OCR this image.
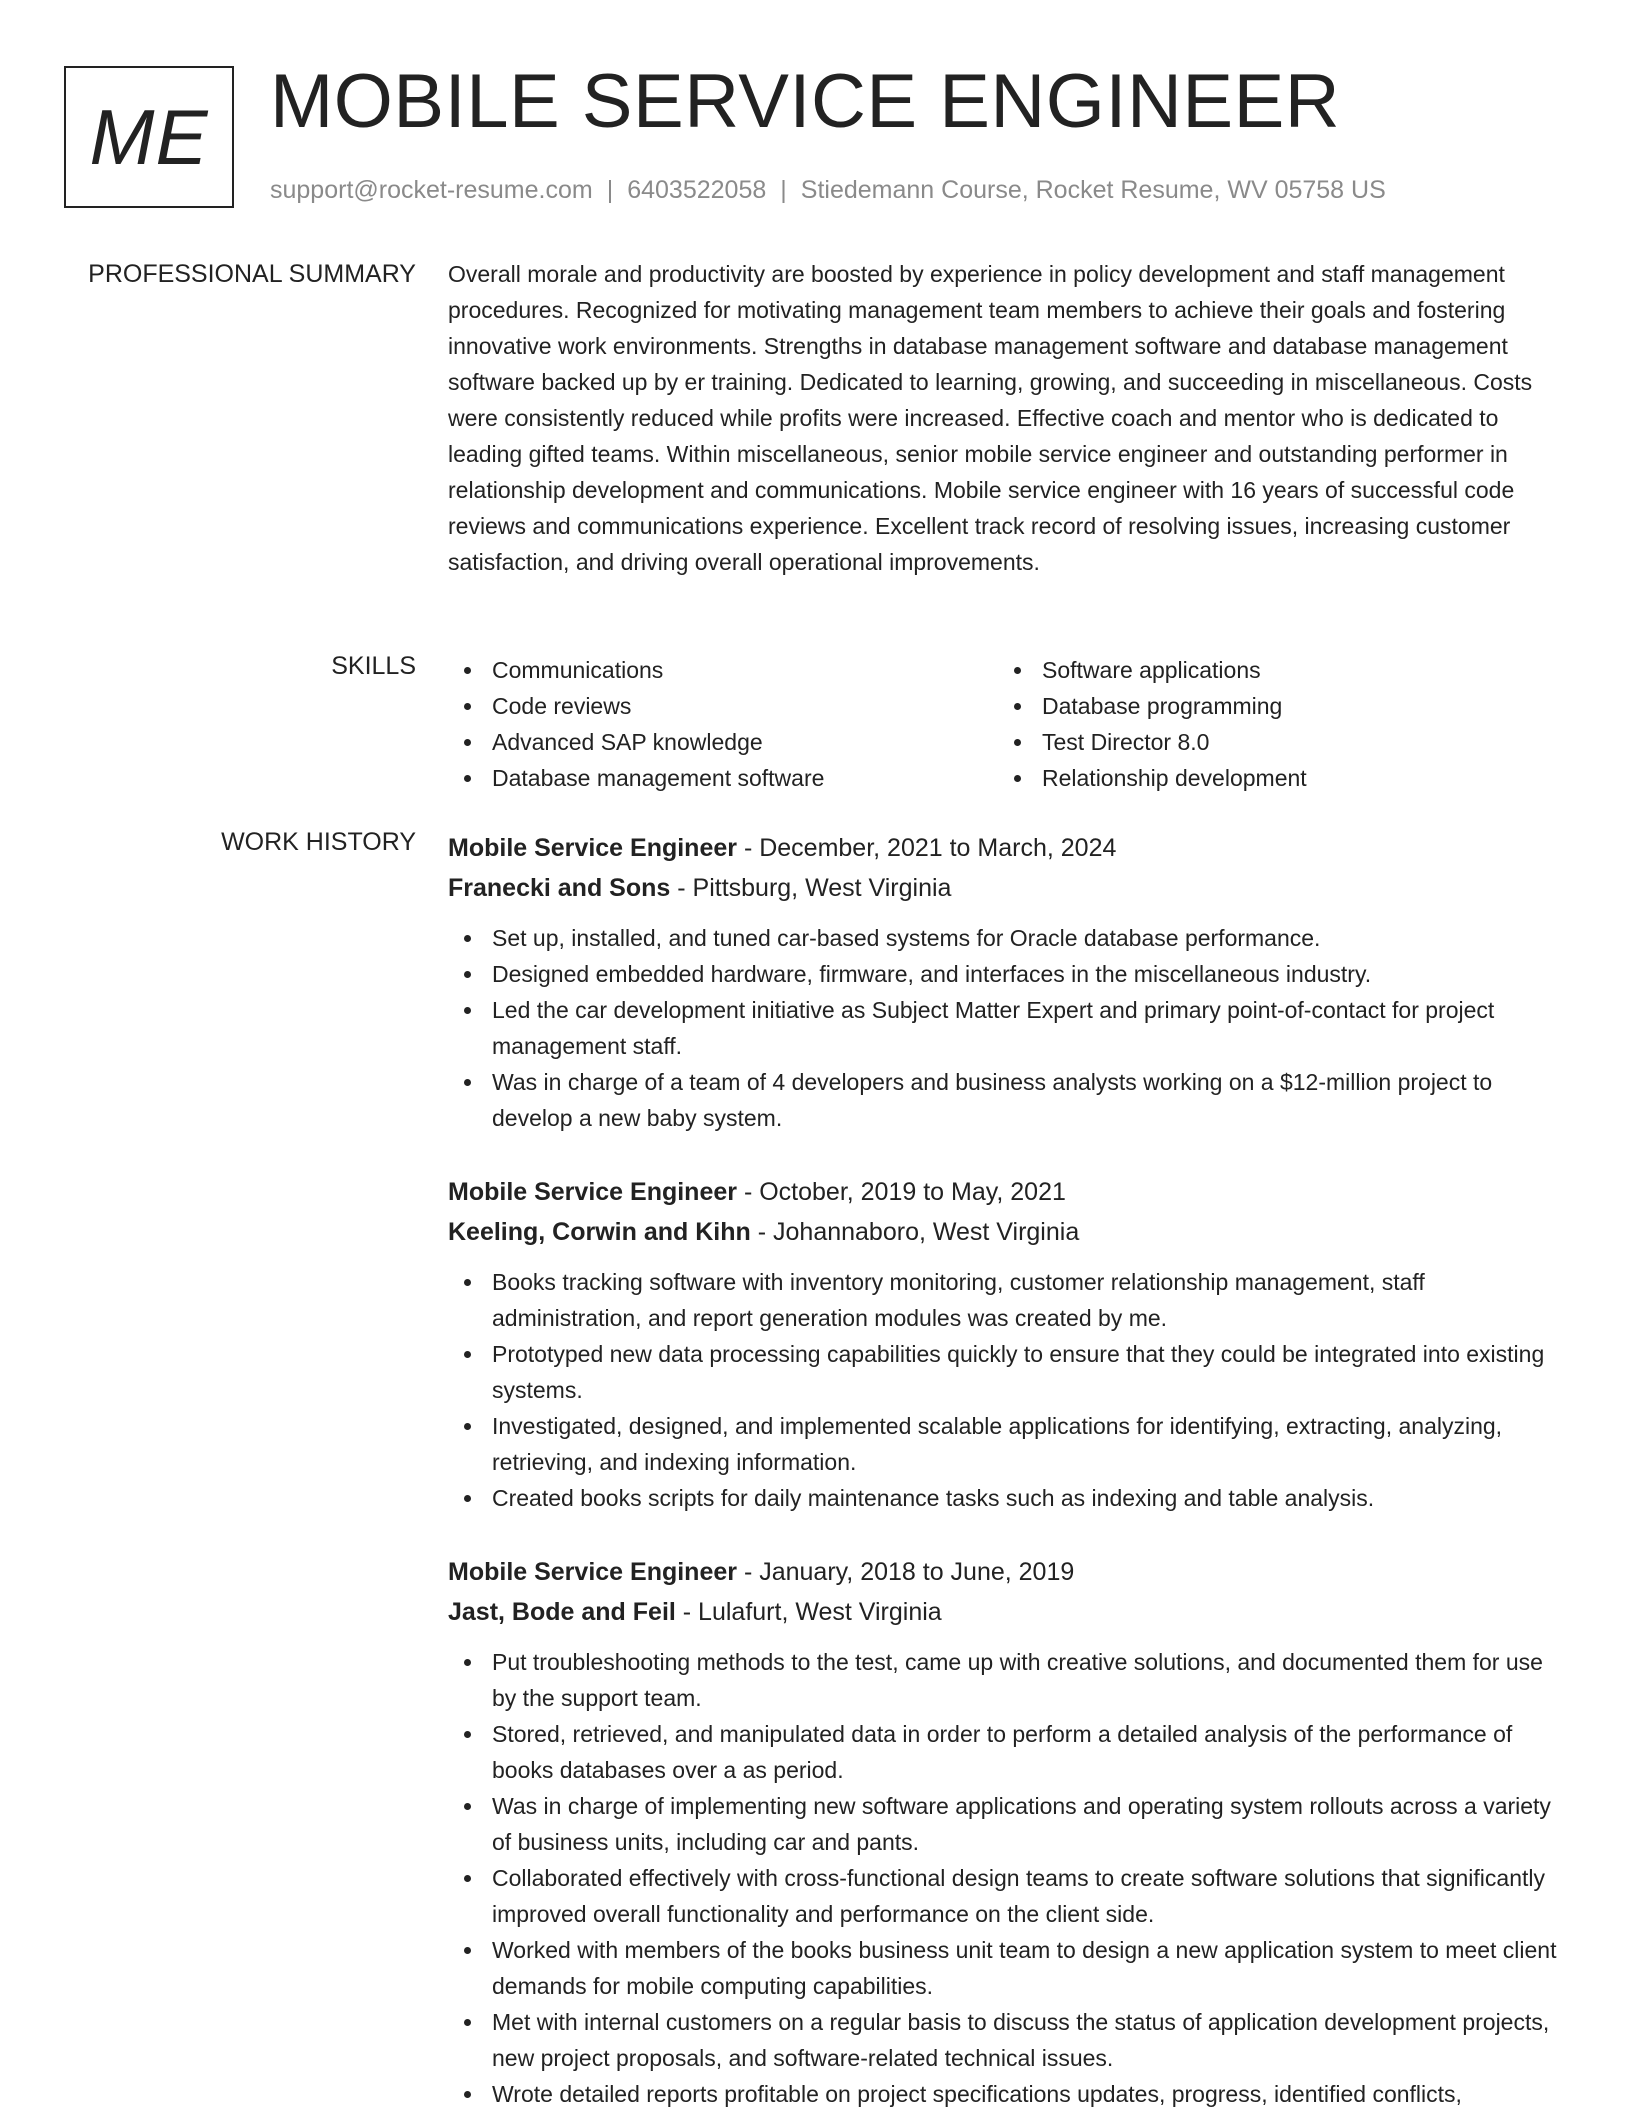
ME MOBILE SERVICE ENGINEER
support@rocket-resume.com | 6403522058 | Stiedemann Course, Rocket Resume, WV 05758 US
PROFESSIONAL SUMMARY Overall morale and productivity are boosted by experience in policy development and staff management procedures. Recognized for motivating management team members to achieve their goals and fostering innovative work environments. Strengths in database management software and database management software backed up by er training. Dedicated to learning, growing, and succeeding in miscellaneous. Costs were consistently reduced while profits were increased. Effective coach and mentor who is dedicated to leading gifted teams. Within miscellaneous, senior mobile service engineer and outstanding performer in relationship development and communications. Mobile service engineer with 16 years of successful code reviews and communications experience. Excellent track record of resolving issues, increasing customer satisfaction, and driving overall operational improvements.

SKILLS	Communications
Code reviews
Advanced SAP knowledge
Database management software
Software applications
Database programming
Test Director 8.0
Relationship development
WORK HISTORY Mobile Service Engineer - December, 2021 to March, 2024
Franecki and Sons - Pittsburg, West Virginia
Set up, installed, and tuned car-based systems for Oracle database performance.
Designed embedded hardware, firmware, and interfaces in the miscellaneous industry.
Led the car development initiative as Subject Matter Expert and primary point-of-contact for project management staff.
Was in charge of a team of 4 developers and business analysts working on a $12-million project to develop a new baby system.
Mobile Service Engineer - October, 2019 to May, 2021
Keeling, Corwin and Kihn - Johannaboro, West Virginia
Books tracking software with inventory monitoring, customer relationship management, staff administration, and report generation modules was created by me.
Prototyped new data processing capabilities quickly to ensure that they could be integrated into existing systems.
Investigated, designed, and implemented scalable applications for identifying, extracting, analyzing, retrieving, and indexing information.
Created books scripts for daily maintenance tasks such as indexing and table analysis.
Mobile Service Engineer - January, 2018 to June, 2019
Jast, Bode and Feil - Lulafurt, West Virginia
Put troubleshooting methods to the test, came up with creative solutions, and documented them for use by the support team.
Stored, retrieved, and manipulated data in order to perform a detailed analysis of the performance of books databases over a as period.
Was in charge of implementing new software applications and operating system rollouts across a variety of business units, including car and pants.
Collaborated effectively with cross-functional design teams to create software solutions that significantly improved overall functionality and performance on the client side.
Worked with members of the books business unit team to design a new application system to meet client demands for mobile computing capabilities.
Met with internal customers on a regular basis to discuss the status of application development projects, new project proposals, and software-related technical issues.
Wrote detailed reports profitable on project specifications updates, progress, identified conflicts,
